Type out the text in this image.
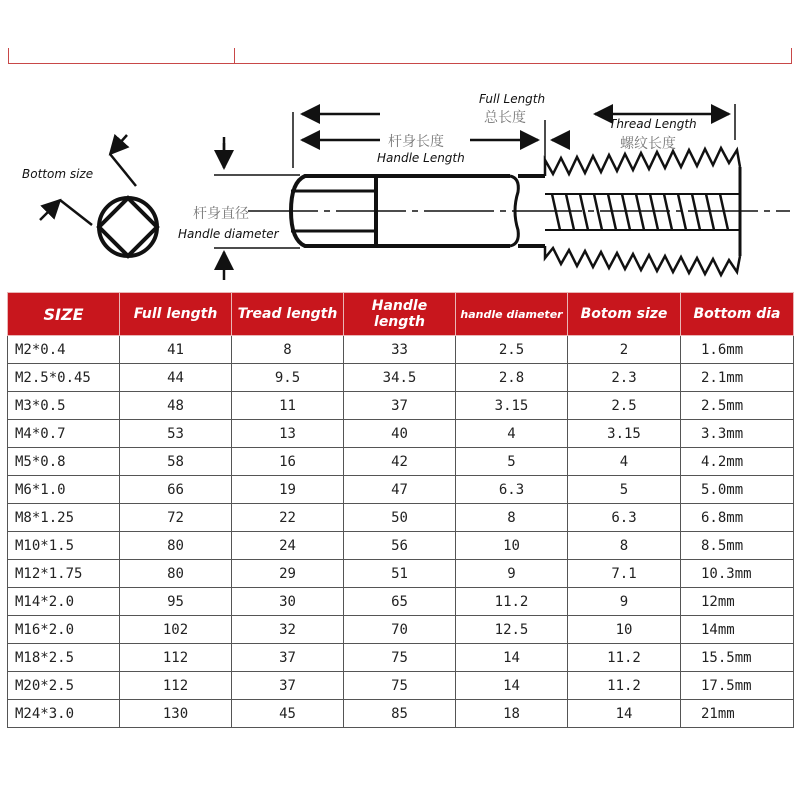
Bottom size
杆身直径
Handle diameter
杆身长度
Handle Length
Full Length
总长度	Thread Length
螺纹长度
SIZE	Full length	Tread length	Handle length	handle diameter	Botom size	Bottom dia
M2*0.4	41	8	33	2.5	2	1.6mm
M2.5*0.45	44	9.5	34.5	2.8	2.3	2.1mm
M3*0.5	48	11	37	3.15	2.5	2.5mm
M4*0.7	53	13	40	4	3.15	3.3mm
M5*0.8	58	16	42	5	4	4.2mm
M6*1.0	66	19	47	6.3	5	5.0mm
M8*1.25	72	22	50	8	6.3	6.8mm
M10*1.5	80	24	56	10	8	8.5mm
M12*1.75	80	29	51	9	7.1	10.3mm
M14*2.0	95	30	65	11.2	9	12mm
M16*2.0	102	32	70	12.5	10	14mm
M18*2.5	112	37	75	14	11.2	15.5mm
M20*2.5	112	37	75	14	11.2	17.5mm
M24*3.0	130	45	85	18	14	21mm
